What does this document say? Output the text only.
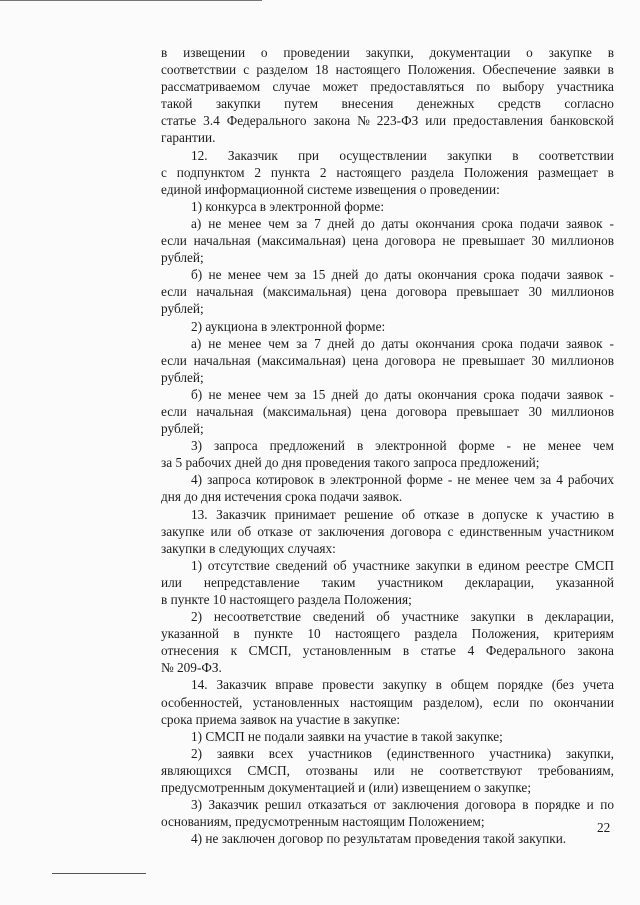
в извещении о проведении закупки, документации о закупке в
соответствии с разделом 18 настоящего Положения. Обеспечение заявки в
рассматриваемом случае может предоставляться по выбору участника
такой закупки путем внесения денежных средств согласно
статье 3.4 Федерального закона № 223-ФЗ или предоставления банковской
гарантии.
12. Заказчик при осуществлении закупки в соответствии
с подпунктом 2 пункта 2 настоящего раздела Положения размещает в
единой информационной системе извещения о проведении:
1) конкурса в электронной форме:
а) не менее чем за 7 дней до даты окончания срока подачи заявок -
если начальная (максимальная) цена договора не превышает 30 миллионов
рублей;
б) не менее чем за 15 дней до даты окончания срока подачи заявок -
если начальная (максимальная) цена договора превышает 30 миллионов
рублей;
2) аукциона в электронной форме:
а) не менее чем за 7 дней до даты окончания срока подачи заявок -
если начальная (максимальная) цена договора не превышает 30 миллионов
рублей;
б) не менее чем за 15 дней до даты окончания срока подачи заявок -
если начальная (максимальная) цена договора превышает 30 миллионов
рублей;
3) запроса предложений в электронной форме - не менее чем
за 5 рабочих дней до дня проведения такого запроса предложений;
4) запроса котировок в электронной форме - не менее чем за 4 рабочих
дня до дня истечения срока подачи заявок.
13. Заказчик принимает решение об отказе в допуске к участию в
закупке или об отказе от заключения договора с единственным участником
закупки в следующих случаях:
1) отсутствие сведений об участнике закупки в едином реестре СМСП
или непредставление таким участником декларации, указанной
в пункте 10 настоящего раздела Положения;
2) несоответствие сведений об участнике закупки в декларации,
указанной в пункте 10 настоящего раздела Положения, критериям
отнесения к СМСП, установленным в статье 4 Федерального закона
№ 209-ФЗ.
14. Заказчик вправе провести закупку в общем порядке (без учета
особенностей, установленных настоящим разделом), если по окончании
срока приема заявок на участие в закупке:
1) СМСП не подали заявки на участие в такой закупке;
2) заявки всех участников (единственного участника) закупки,
являющихся СМСП, отозваны или не соответствуют требованиям,
предусмотренным документацией и (или) извещением о закупке;
3) Заказчик решил отказаться от заключения договора в порядке и по
основаниям, предусмотренным настоящим Положением;
4) не заключен договор по результатам проведения такой закупки.
22
